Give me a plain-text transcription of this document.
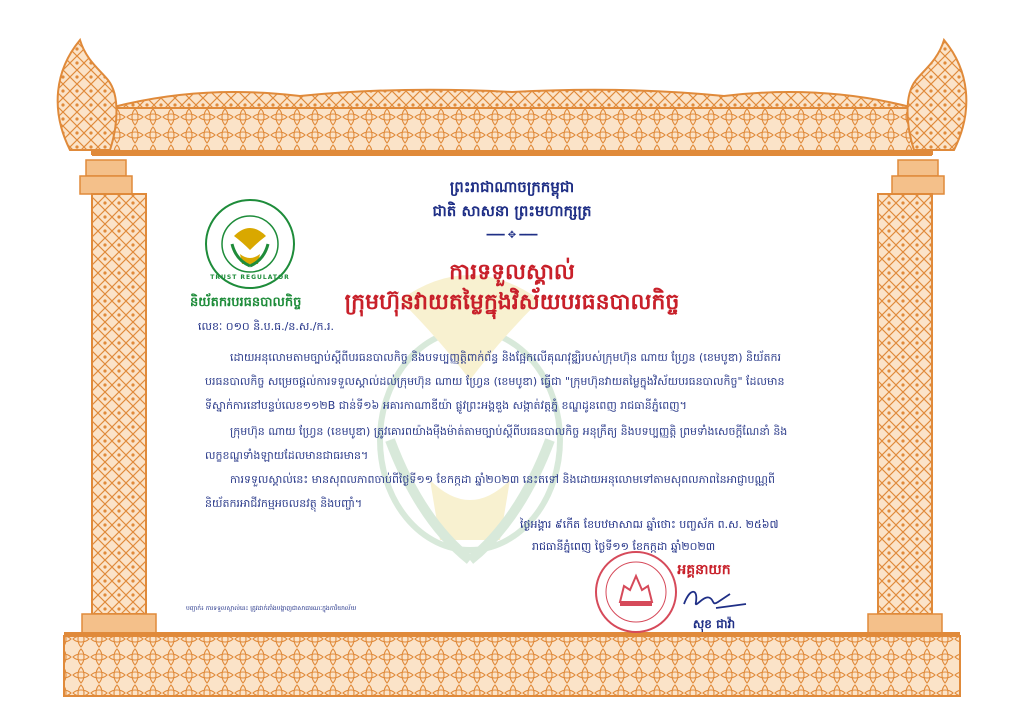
ព្រះរាជាណាចក្រកម្ពុជា
ជាតិ សាសនា ព្រះមហាក្សត្រ
━━━ ✥ ━━━
ការទទួលស្គាល់
ក្រុមហ៊ុនវាយតម្លៃក្នុងវិស័យបរធនបាលកិច្ច
TRUST REGULATOR
និយ័តករបរធនបាលកិច្ច
លេខៈ ០១០ និ.ប.ធ./ន.ស./ក.រ.
ដោយអនុលោមតាមច្បាប់ស្តីពីបរធនបាលកិច្ច និងបទប្បញ្ញត្តិពាក់ព័ន្ធ និងផ្អែកលើគុណវុឌ្ឍិរបស់ក្រុមហ៊ុន ណាយ ហ្វ្រែន (ខេមបូឌា) និយ័តករ
បរធនបាលកិច្ច សម្រេចផ្តល់ការទទួលស្គាល់ដល់ក្រុមហ៊ុន ណាយ ហ្វ្រែន (ខេមបូឌា) ធ្វើជា "ក្រុមហ៊ុនវាយតម្លៃក្នុងវិស័យបរធនបាលកិច្ច" ដែលមាន
ទីស្នាក់ការនៅបន្ទប់លេខ១១២B ជាន់ទី១៦ អគារកាណាឌីយ៉ា ផ្លូវព្រះអង្គឌួង សង្កាត់វត្តភ្នំ ខណ្ឌដូនពេញ រាជធានីភ្នំពេញ។
ក្រុមហ៊ុន ណាយ ហ្វ្រែន (ខេមបូឌា) ត្រូវគោរពយ៉ាងម៉ឺងម៉ាត់តាមច្បាប់ស្តីពីបរធនបាលកិច្ច អនុក្រឹត្យ និងបទប្បញ្ញត្តិ ព្រមទាំងសេចក្តីណែនាំ និង
លក្ខខណ្ឌទាំងឡាយដែលមានជាធរមាន។
ការទទួលស្គាល់នេះ មានសុពលភាពចាប់ពីថ្ងៃទី១១ ខែកក្កដា ឆ្នាំ២០២៣ នេះតទៅ និងដោយអនុលោមទៅតាមសុពលភាពនៃអាជ្ញាបណ្ណពី
និយ័តករអាជីវកម្មអចលនវត្ថុ និងបញ្ចាំ។
ថ្ងៃអង្គារ ៩កើត ខែបឋមាសាឍ ឆ្នាំថោះ បញ្ចស័ក ព.ស. ២៥៦៧
រាជធានីភ្នំពេញ ថ្ងៃទី១១ ខែកក្កដា ឆ្នាំ២០២៣
អគ្គនាយក
សុខ ជាវ៉ា
បញ្ជាក់៖ ការទទួលស្គាល់នេះ ត្រូវដាក់តាំងបង្ហាញជាសាធារណៈក្នុងការិយាល័យ
